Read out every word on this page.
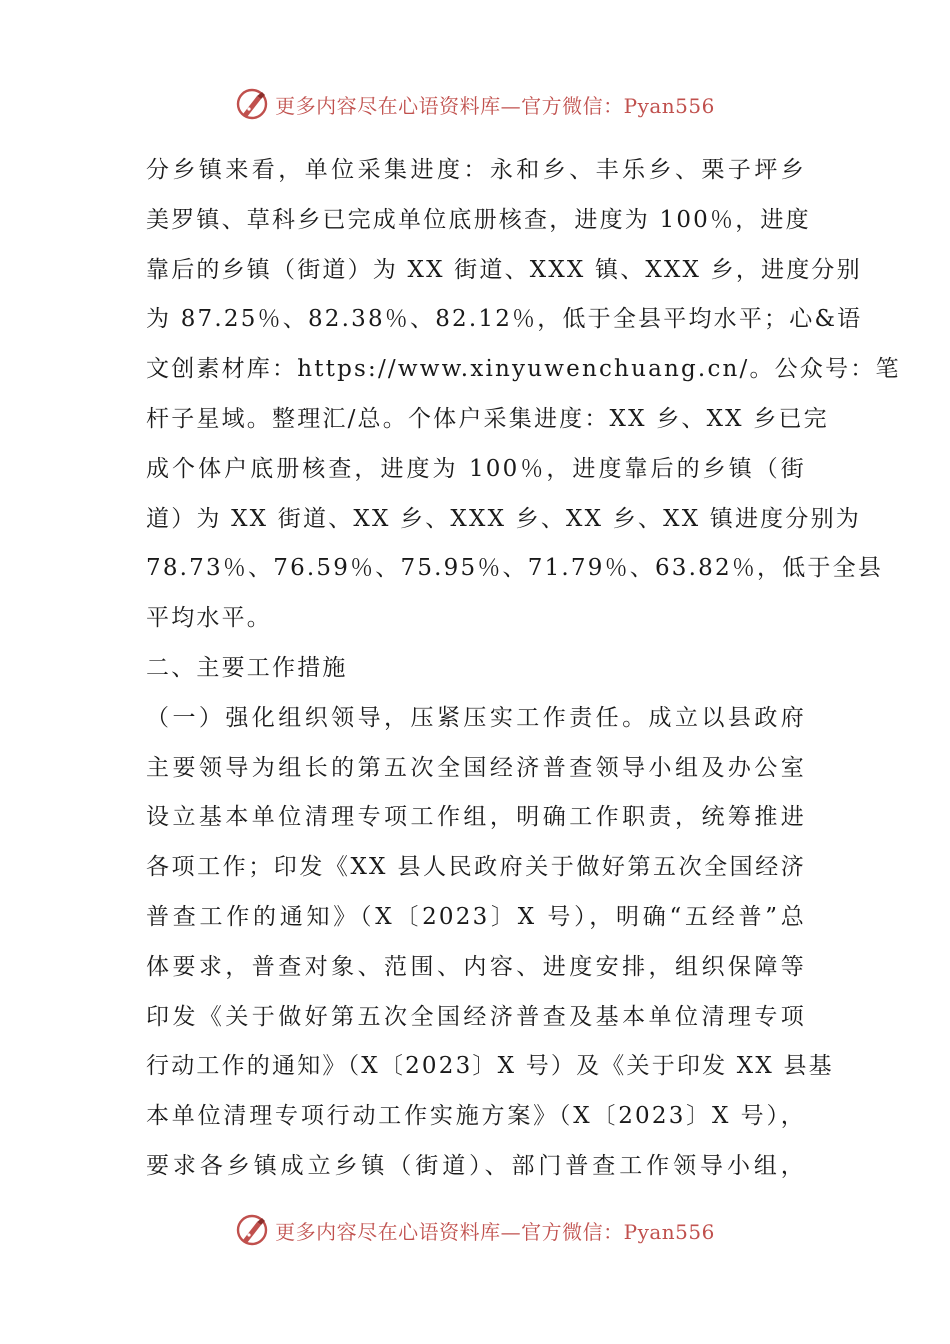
更多内容尽在心语资料库—官方微信：Pyan556
分乡镇来看，单位采集进度：永和乡、丰乐乡、栗子坪乡
美罗镇、草科乡已完成单位底册核查，进度为 100％，进度
靠后的乡镇（街道）为 XX 街道、XXX 镇、XXX 乡，进度分别
为 87.25％、82.38％、82.12％，低于全县平均水平；心&语
文创素材库：https://www.xinyuwenchuang.cn/。公众号：笔
杆子星域。整理汇/总。个体户采集进度：XX 乡、XX 乡已完
成个体户底册核查，进度为 100％，进度靠后的乡镇（街
道）为 XX 街道、XX 乡、XXX 乡、XX 乡、XX 镇进度分别为
78.73％、76.59％、75.95％、71.79％、63.82％，低于全县
平均水平。
二、主要工作措施
（一）强化组织领导，压紧压实工作责任。成立以县政府
主要领导为组长的第五次全国经济普查领导小组及办公室
设立基本单位清理专项工作组，明确工作职责，统筹推进
各项工作；印发《XX 县人民政府关于做好第五次全国经济
普查工作的通知》（X〔2023〕X 号），明确“五经普”总
体要求，普查对象、范围、内容、进度安排，组织保障等
印发《关于做好第五次全国经济普查及基本单位清理专项
行动工作的通知》（X〔2023〕X 号）及《关于印发 XX 县基
本单位清理专项行动工作实施方案》（X〔2023〕X 号），
要求各乡镇成立乡镇（街道）、部门普查工作领导小组，
更多内容尽在心语资料库—官方微信：Pyan556
